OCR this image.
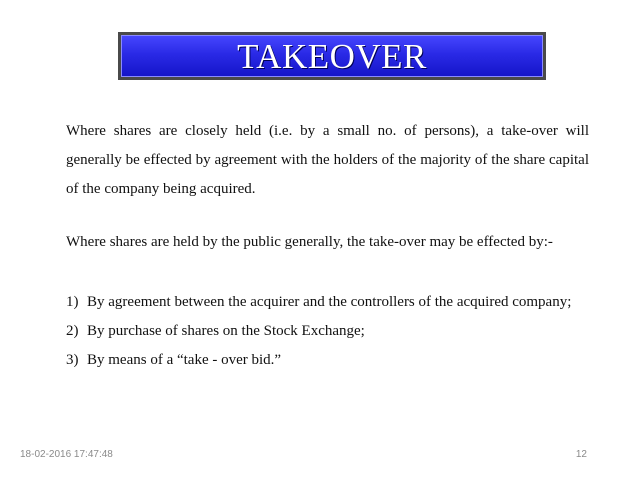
TAKEOVER

Where shares are closely held (i.e. by a small no. of persons), a take-over will generally be effected by agreement with the holders of the majority of the share capital of the company being acquired.

Where shares are held by the public generally, the take-over may be effected by:-

1) By agreement between the acquirer and the controllers of the acquired company;
2) By purchase of shares on the Stock Exchange;
3) By means of a “take - over bid.”
18-02-2016 17:47:48	12
